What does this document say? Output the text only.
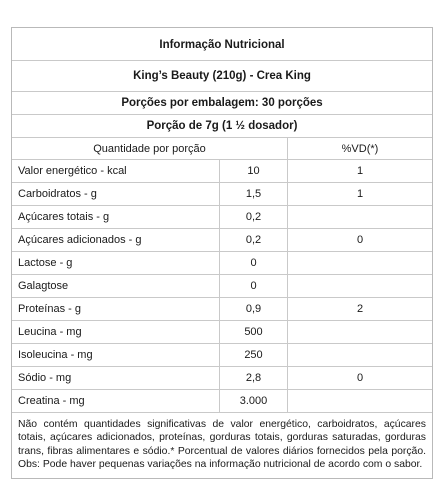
Informação Nutricional
King’s Beauty (210g) - Crea King
Porções por embalagem: 30 porções
Porção de 7g (1 ½ dosador)
Quantidade por porção	%VD(*)
Valor energético - kcal	10	1
Carboidratos - g	1,5	1
Açúcares totais - g	0,2
Açúcares adicionados - g	0,2	0
Lactose - g	0
Galagtose	0
Proteínas - g	0,9	2
Leucina - mg	500
Isoleucina - mg	250
Sódio - mg	2,8	0
Creatina - mg	3.000
Não contém quantidades significativas de valor energético, carboidratos, açúcares totais, açúcares adicionados, proteínas, gorduras totais, gorduras saturadas, gorduras trans, fibras alimentares e sódio.* Porcentual de valores diários fornecidos pela porção. Obs: Pode haver pequenas variações na informação nutricional de acordo com o sabor.
